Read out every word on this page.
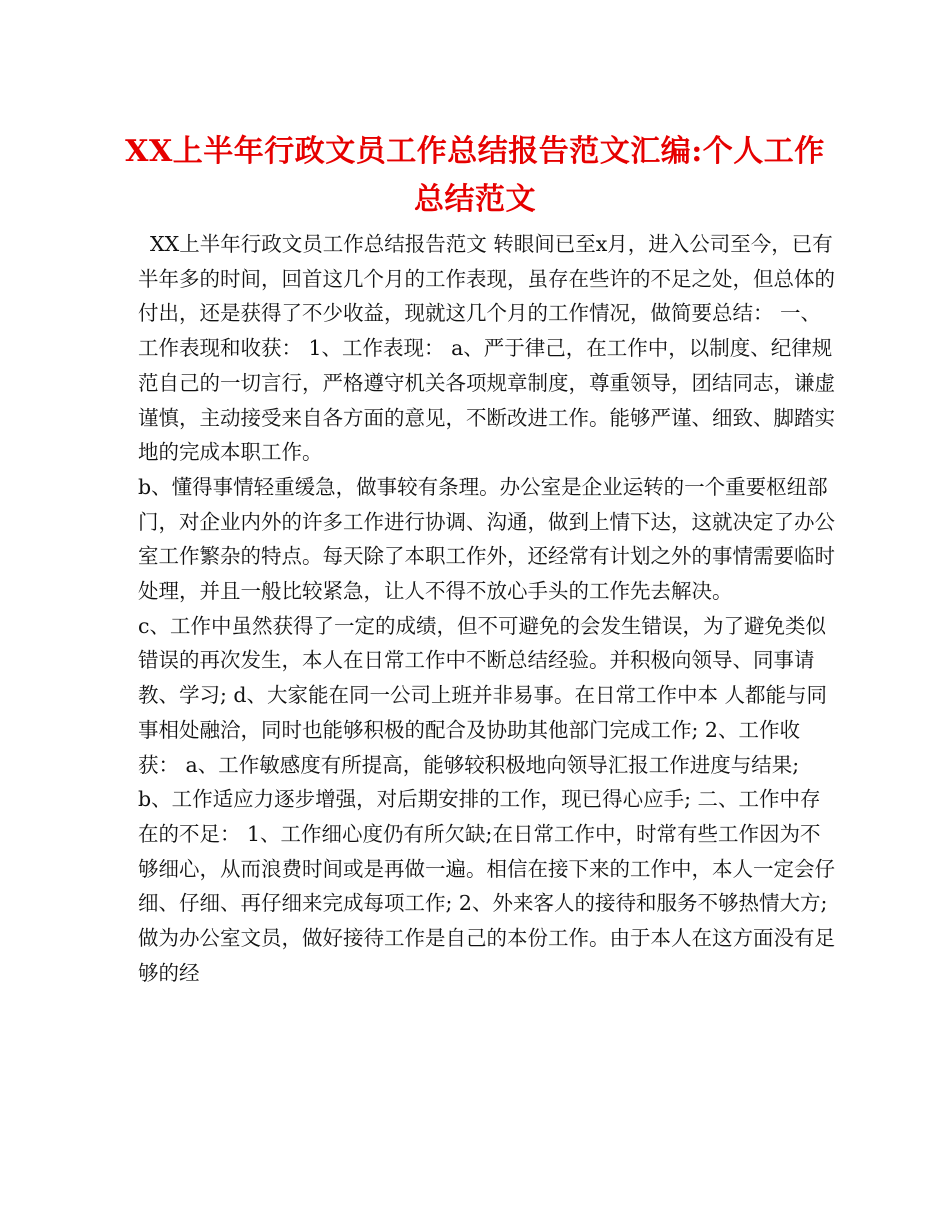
XX上半年行政文员工作总结报告范文汇编:个人工作总结范文

XX上半年行政文员工作总结报告范文 转眼间已至x月，进入公司至今，已有半年多的时间，回首这几个月的工作表现，虽存在些许的不足之处，但总体的付出，还是获得了不少收益，现就这几个月的工作情况，做简要总结： 一、工作表现和收获： 1、工作表现： a、严于律己，在工作中，以制度、纪律规范自己的一切言行，严格遵守机关各项规章制度，尊重领导，团结同志，谦虚谨慎，主动接受来自各方面的意见，不断改进工作。能够严谨、细致、脚踏实地的完成本职工作。

b、懂得事情轻重缓急，做事较有条理。办公室是企业运转的一个重要枢纽部门，对企业内外的许多工作进行协调、沟通，做到上情下达，这就决定了办公室工作繁杂的特点。每天除了本职工作外，还经常有计划之外的事情需要临时处理，并且一般比较紧急，让人不得不放心手头的工作先去解决。

c、工作中虽然获得了一定的成绩，但不可避免的会发生错误，为了避免类似错误的再次发生，本人在日常工作中不断总结经验。并积极向领导、同事请教、学习; d、大家能在同一公司上班并非易事。在日常工作中本 人都能与同事相处融洽，同时也能够积极的配合及协助其他部门完成工作; 2、工作收获： a、工作敏感度有所提高，能够较积极地向领导汇报工作进度与结果; b、工作适应力逐步增强，对后期安排的工作，现已得心应手; 二、工作中存在的不足： 1、工作细心度仍有所欠缺;在日常工作中，时常有些工作因为不够细心，从而浪费时间或是再做一遍。相信在接下来的工作中，本人一定会仔细、仔细、再仔细来完成每项工作; 2、外来客人的接待和服务不够热情大方;做为办公室文员，做好接待工作是自己的本份工作。由于本人在这方面没有足够的经
